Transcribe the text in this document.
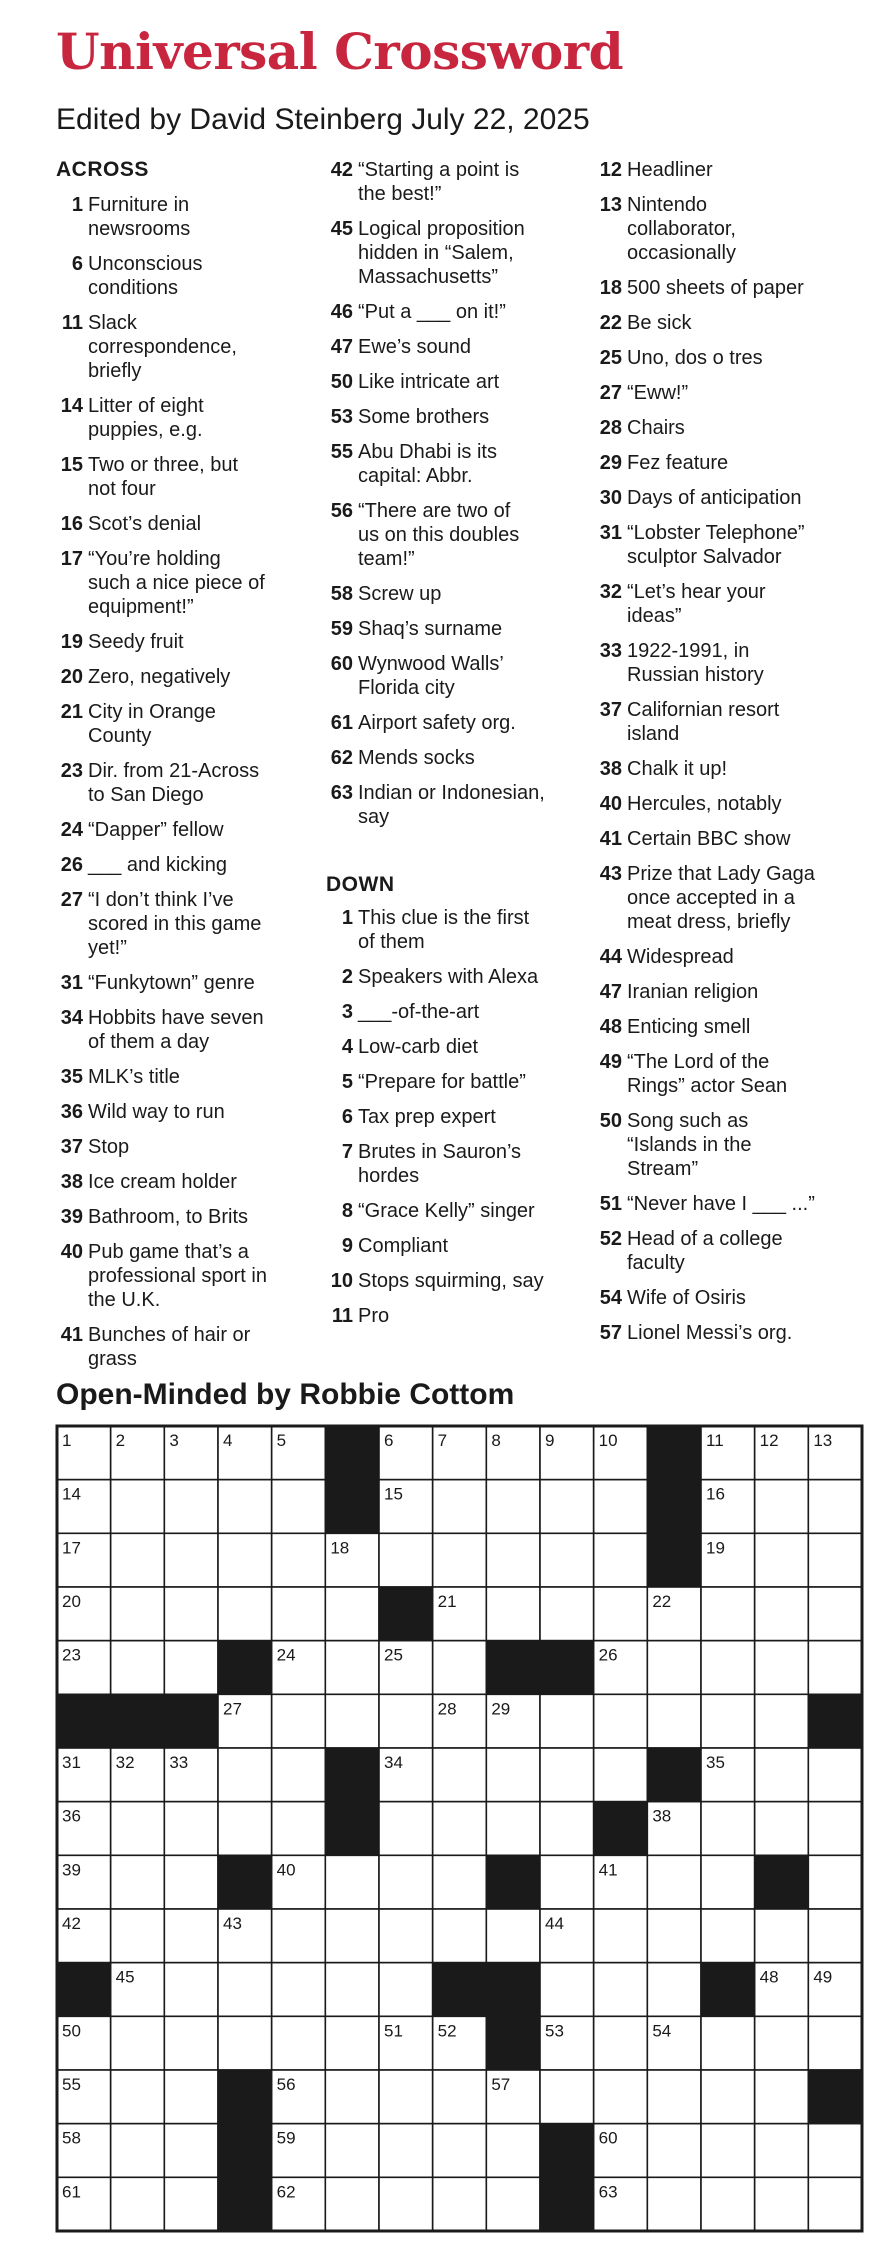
Universal Crossword
Edited by David Steinberg July 22, 2025
ACROSS
DOWN
1 Furniture in
newsrooms
6 Unconscious
conditions
11 Slack
correspondence,
briefly
14 Litter of eight
puppies, e.g.
15 Two or three, but
not four
16 Scot’s denial
17 “You’re holding
such a nice piece of
equipment!”
19 Seedy fruit
20 Zero, negatively
21 City in Orange
County
23 Dir. from 21-Across
to San Diego
24 “Dapper” fellow
26 ___ and kicking
27 “I don’t think I’ve
scored in this game
yet!”
31 “Funkytown” genre
34 Hobbits have seven
of them a day
35 MLK’s title
36 Wild way to run
37 Stop
38 Ice cream holder
39 Bathroom, to Brits
40 Pub game that’s a
professional sport in
the U.K.
41 Bunches of hair or
grass
42 “Starting a point is
the best!”
45 Logical proposition
hidden in “Salem,
Massachusetts”
46 “Put a ___ on it!”
47 Ewe’s sound
50 Like intricate art
53 Some brothers
55 Abu Dhabi is its
capital: Abbr.
56 “There are two of
us on this doubles
team!”
58 Screw up
59 Shaq’s surname
60 Wynwood Walls’
Florida city
61 Airport safety org.
62 Mends socks
63 Indian or Indonesian,
say
1 This clue is the first
of them
2 Speakers with Alexa
3 ___-of-the-art
4 Low-carb diet
5 “Prepare for battle”
6 Tax prep expert
7 Brutes in Sauron’s
hordes
8 “Grace Kelly” singer
9 Compliant
10 Stops squirming, say
11 Pro
12 Headliner
13 Nintendo
collaborator,
occasionally
18 500 sheets of paper
22 Be sick
25 Uno, dos o tres
27 “Eww!”
28 Chairs
29 Fez feature
30 Days of anticipation
31 “Lobster Telephone”
sculptor Salvador
32 “Let’s hear your
ideas”
33 1922-1991, in
Russian history
37 Californian resort
island
38 Chalk it up!
40 Hercules, notably
41 Certain BBC show
43 Prize that Lady Gaga
once accepted in a
meat dress, briefly
44 Widespread
47 Iranian religion
48 Enticing smell
49 “The Lord of the
Rings” actor Sean
50 Song such as
“Islands in the
Stream”
51 “Never have I ___ ...”
52 Head of a college
faculty
54 Wife of Osiris
57 Lionel Messi’s org.
Open-Minded by Robbie Cottom
1	2	3	4	5	6	7	8	9	10	11 12 13
14	15	16
17	18	19
20	21	22
23	24	25	26
27	28 29	30
31 32 33	34	35
36	37	38
39	40	41
42	43	44
45	46	47 48 49
50	51 52	53	54
55	56	57
58	59	60
61	62	63
